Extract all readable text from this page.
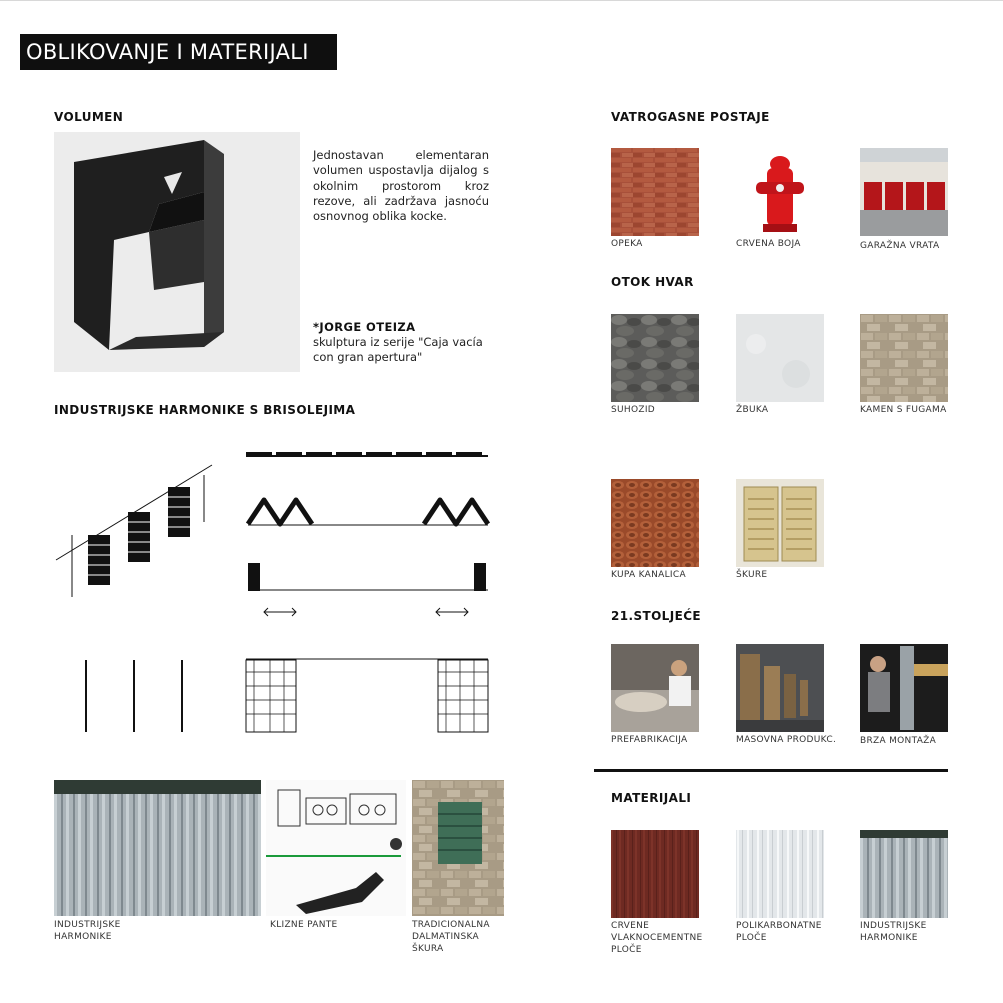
OBLIKOVANJE I MATERIJALI
VOLUMEN
Jednostavan elementaran volumen uspostavlja dijalog s okolnim prostorom kroz rezove, ali zadržava jasnoću osnovnog oblika kocke.
*JORGE OTEIZA
skulptura iz serije "Caja vacía con gran apertura"
INDUSTRIJSKE HARMONIKE S BRISOLEJIMA
INDUSTRIJSKE HARMONIKE
KLIZNE PANTE	TRADICIONALNA DALMATINSKA ŠKURA
VATROGASNE POSTAJE
OPEKA	CRVENA BOJA	GARAŽNA VRATA
OTOK HVAR
SUHOZID	ŽBUKA	KAMEN S FUGAMA
KUPA KANALICA	ŠKURE
21.STOLJEĆE
PREFABRIKACIJA	MASOVNA PRODUKC.	BRZA MONTAŽA
MATERIJALI
CRVENE VLAKNOCEMENTNE PLOČE
POLIKARBONATNE PLOČE
INDUSTRIJSKE HARMONIKE
